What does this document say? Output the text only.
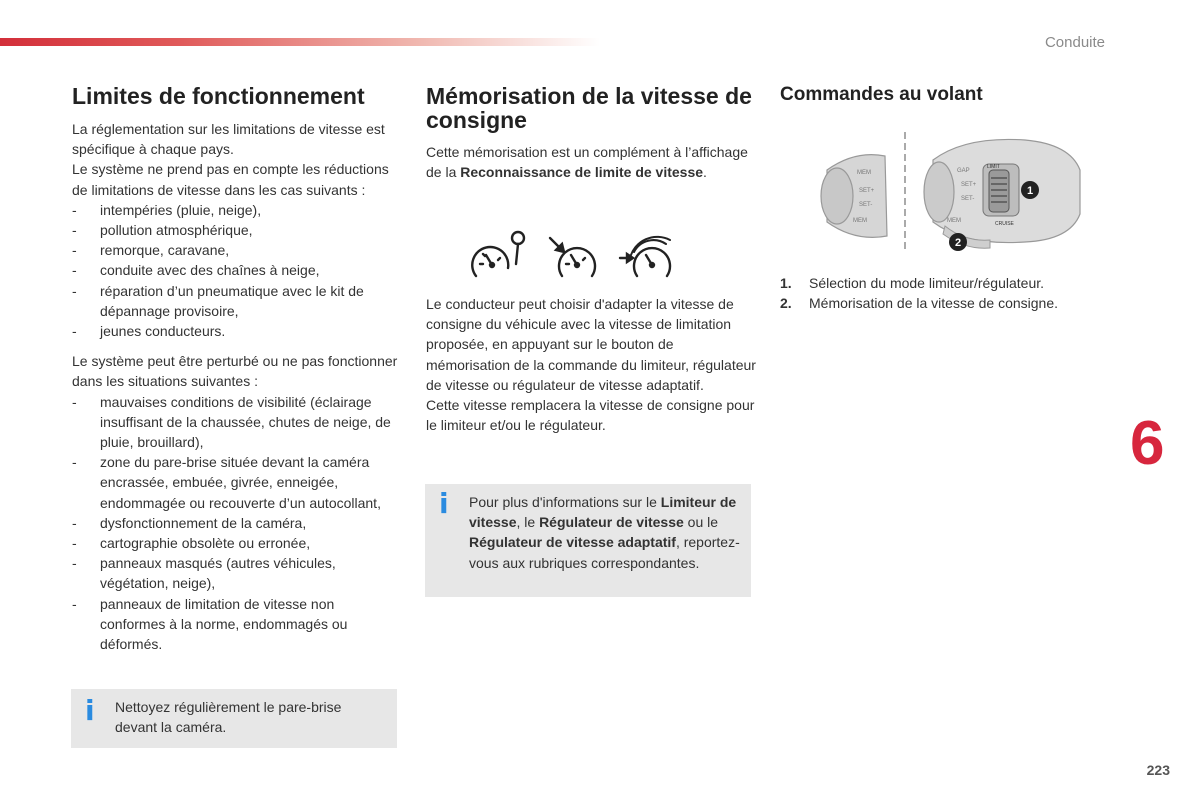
Conduite
6
223
Limites de fonctionnement

La réglementation sur les limitations de vitesse est spécifique à chaque pays.

Le système ne prend pas en compte les réductions de limitations de vitesse dans les cas suivants :

- intempéries (pluie, neige),
- pollution atmosphérique,
- remorque, caravane,
- conduite avec des chaînes à neige,
- réparation d’un pneumatique avec le kit de dépannage provisoire,
- jeunes conducteurs.

Le système peut être perturbé ou ne pas fonctionner dans les situations suivantes :

- mauvaises conditions de visibilité (éclairage insuffisant de la chaussée, chutes de neige, de pluie, brouillard),
- zone du pare-brise située devant la caméra encrassée, embuée, givrée, enneigée, endommagée ou recouverte d’un autocollant,
- dysfonctionnement de la caméra,
- cartographie obsolète ou erronée,
- panneaux masqués (autres véhicules, végétation, neige),
- panneaux de limitation de vitesse non conformes à la norme, endommagés ou déformés.
i Nettoyez régulièrement le pare-brise devant la caméra.
Mémorisation de la vitesse de consigne

Cette mémorisation est un complément à l’affichage de la Reconnaissance de limite de vitesse.

Le conducteur peut choisir d'adapter la vitesse de consigne du véhicule avec la vitesse de limitation proposée, en appuyant sur le bouton de mémorisation de la commande du limiteur, régulateur de vitesse ou régulateur de vitesse adaptatif.

Cette vitesse remplacera la vitesse de consigne pour le limiteur et/ou le régulateur.

i Pour plus d'informations sur le Limiteur de vitesse, le Régulateur de vitesse ou le Régulateur de vitesse adaptatif, reportez-vous aux rubriques correspondantes.
Commandes au volant
MEM
SET+
SET-
MEM
GAP
SET+
SET-
MEM
LIMIT
CRUISE
1
2
1. Sélection du mode limiteur/régulateur.
2. Mémorisation de la vitesse de consigne.
